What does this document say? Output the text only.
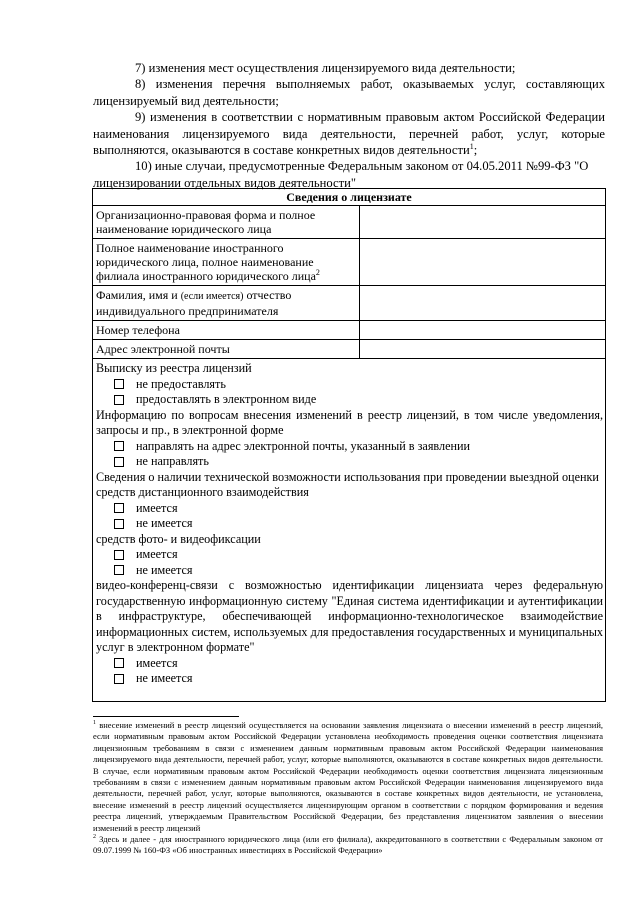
7) изменения мест осуществления лицензируемого вида деятельности;

8) изменения перечня выполняемых работ, оказываемых услуг, составляющих лицензируемый вид деятельности;

9) изменения в соответствии с нормативным правовым актом Российской Федерации наименования лицензируемого вида деятельности, перечней работ, услуг, которые выполняются, оказываются в составе конкретных видов деятельности$^1$;

10) иные случаи, предусмотренные Федеральным законом от 04.05.2011 №99-ФЗ "О лицензировании отдельных видов деятельности"

Сведения о лицензиате	
Организационно-правовая форма и полное наименование юридического лица	
Полное наименование иностранного юридического лица, полное наименование филиала иностранного юридического лица$^2$	
Фамилия, имя и (если имеется) отчество индивидуального предпринимателя	
Номер телефона	
Адрес электронной почты	

Выписку из реестра лицензий

не предоставлять
предоставлять в электронном виде

Информацию по вопросам внесения изменений в реестр лицензий, в том числе уведомления, запросы и пр., в электронной форме

направлять на адрес электронной почты, указанный в заявлении
не направлять

Сведения о наличии технической возможности использования при проведении выездной оценки

средств дистанционного взаимодействия

имеется
не имеется

средств фото- и видеофиксации

имеется
не имеется

видео-конференц-связи с возможностью идентификации лицензиата через федеральную государственную информационную систему "Единая система идентификации и аутентификации в инфраструктуре, обеспечивающей информационно-технологическое взаимодействие информационных систем, используемых для предоставления государственных и муниципальных услуг в электронном формате"

имеется
не имеется

$^1$ внесение изменений в реестр лицензий осуществляется на основании заявления лицензиата о внесении изменений в реестр лицензий, если нормативным правовым актом Российской Федерации установлена необходимость проведения оценки соответствия лицензиата лицензионным требованиям в связи с изменением данным нормативным правовым актом Российской Федерации наименования лицензируемого вида деятельности, перечней работ, услуг, которые выполняются, оказываются в составе конкретных видов деятельности. В случае, если нормативным правовым актом Российской Федерации необходимость оценки соответствия лицензиата лицензионным требованиям в связи с изменением данным нормативным правовым актом Российской Федерации наименования лицензируемого вида деятельности, перечней работ, услуг, которые выполняются, оказываются в составе конкретных видов деятельности, не установлена, внесение изменений в реестр лицензий осуществляется лицензирующим органом в соответствии с порядком формирования и ведения реестра лицензий, утверждаемым Правительством Российской Федерации, без представления лицензиатом заявления о внесении изменений в реестр лицензий

$^2$ Здесь и далее - для иностранного юридического лица (или его филиала), аккредитованного в соответствии с Федеральным законом от 09.07.1999 № 160-ФЗ «Об иностранных инвестициях в Российской Федерации»
